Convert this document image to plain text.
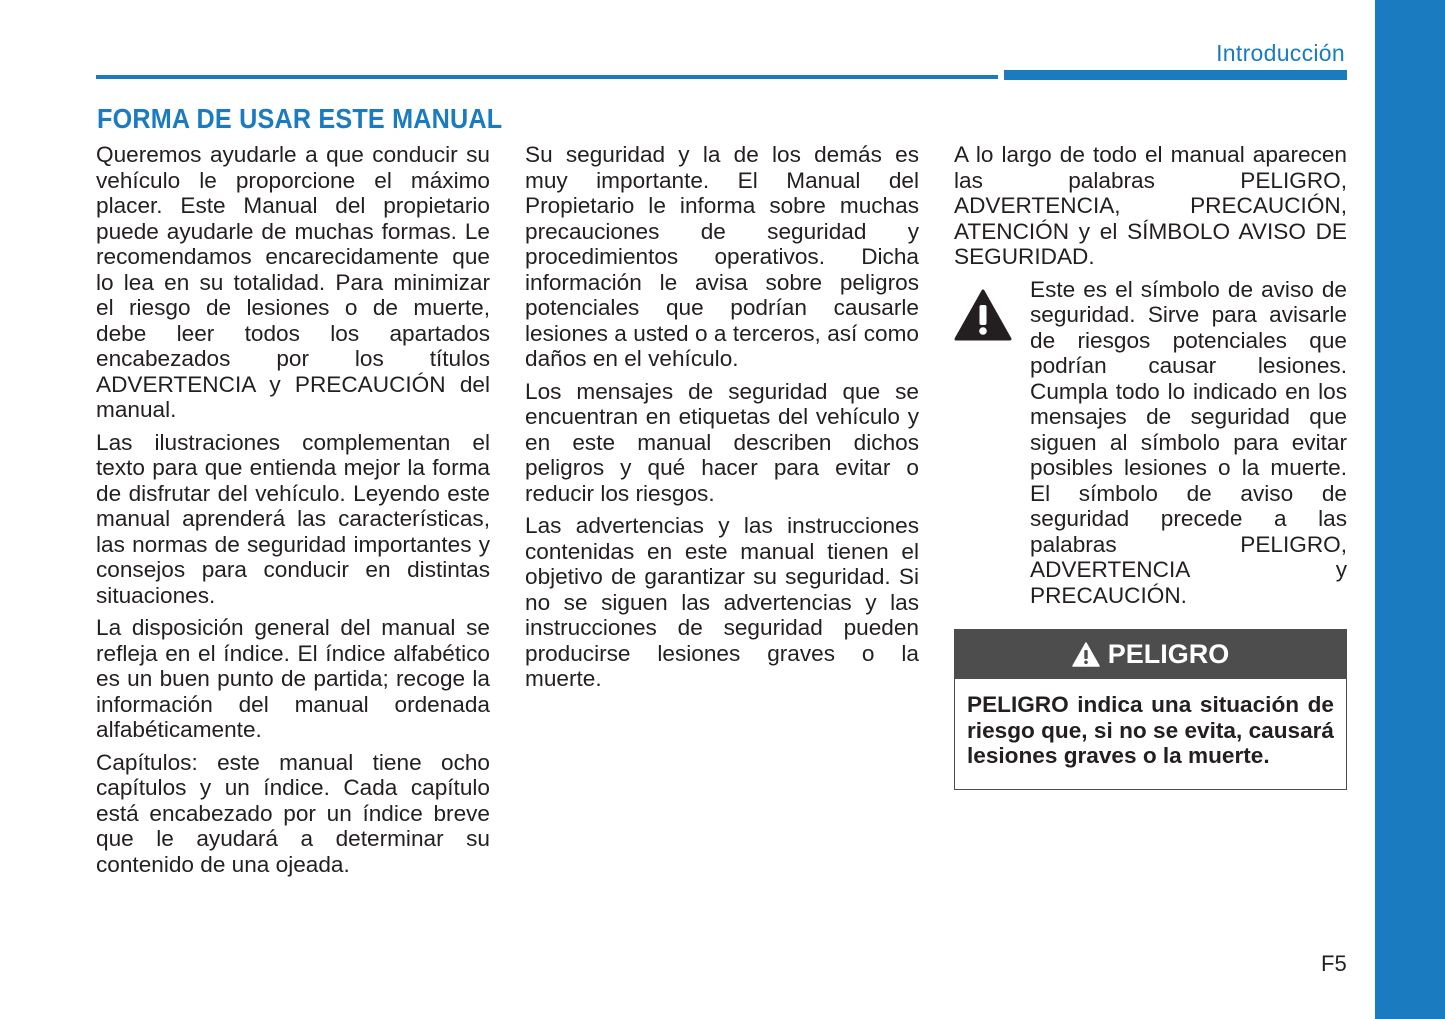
Introducción
FORMA DE USAR ESTE MANUAL

Queremos ayudarle a que conducir su vehículo le proporcione el máximo placer. Este Manual del propietario puede ayudarle de muchas formas. Le recomendamos encarecidamente que lo lea en su totalidad. Para minimizar el riesgo de lesiones o de muerte, debe leer todos los apartados encabezados por los títulos ADVERTENCIA y PRECAUCIÓN del manual.

Las ilustraciones complementan el texto para que entienda mejor la forma de disfrutar del vehículo. Leyendo este manual aprenderá las características, las normas de seguridad importantes y consejos para conducir en distintas situaciones.

La disposición general del manual se refleja en el índice. El índice alfabético es un buen punto de partida; recoge la información del manual ordenada alfabéticamente.

Capítulos: este manual tiene ocho capítulos y un índice. Cada capítulo está encabezado por un índice breve que le ayudará a determinar su contenido de una ojeada.

Su seguridad y la de los demás es muy importante. El Manual del Propietario le informa sobre muchas precauciones de seguridad y procedimientos operativos. Dicha información le avisa sobre peligros potenciales que podrían causarle lesiones a usted o a terceros, así como daños en el vehículo.

Los mensajes de seguridad que se encuentran en etiquetas del vehículo y en este manual describen dichos peligros y qué hacer para evitar o reducir los riesgos.

Las advertencias y las instrucciones contenidas en este manual tienen el objetivo de garantizar su seguridad. Si no se siguen las advertencias y las instrucciones de seguridad pueden producirse lesiones graves o la muerte.

A lo largo de todo el manual aparecen las palabras PELIGRO, ADVERTENCIA, PRECAUCIÓN, ATENCIÓN y el SÍMBOLO AVISO DE SEGURIDAD.

Este es el símbolo de aviso de seguridad. Sirve para avisarle de riesgos potenciales que podrían causar lesiones. Cumpla todo lo indicado en los mensajes de seguridad que siguen al símbolo para evitar posibles lesiones o la muerte. El símbolo de aviso de seguridad precede a las palabras PELIGRO, ADVERTENCIA y PRECAUCIÓN.

PELIGRO
PELIGRO indica una situación de riesgo que, si no se evita, causará lesiones graves o la muerte.
F5
